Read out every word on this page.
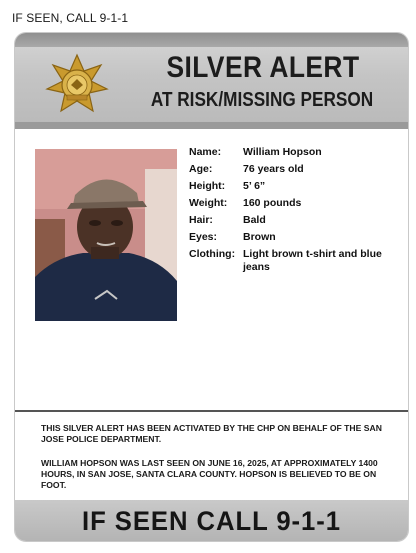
IF SEEN, CALL 9-1-1
SILVER ALERT
AT RISK/MISSING PERSON
Name:	William Hopson
Age:	76 years old
Height:	5’ 6”
Weight:	160 pounds
Hair:	Bald
Eyes:	Brown
Clothing: Light brown t-shirt and blue jeans
THIS SILVER ALERT HAS BEEN ACTIVATED BY THE CHP ON BEHALF OF THE SAN JOSE POLICE DEPARTMENT.
WILLIAM HOPSON WAS LAST SEEN ON JUNE 16, 2025, AT APPROXIMATELY 1400 HOURS, IN SAN JOSE, SANTA CLARA COUNTY. HOPSON IS BELIEVED TO BE ON FOOT.
IF SEEN CALL 9-1-1
